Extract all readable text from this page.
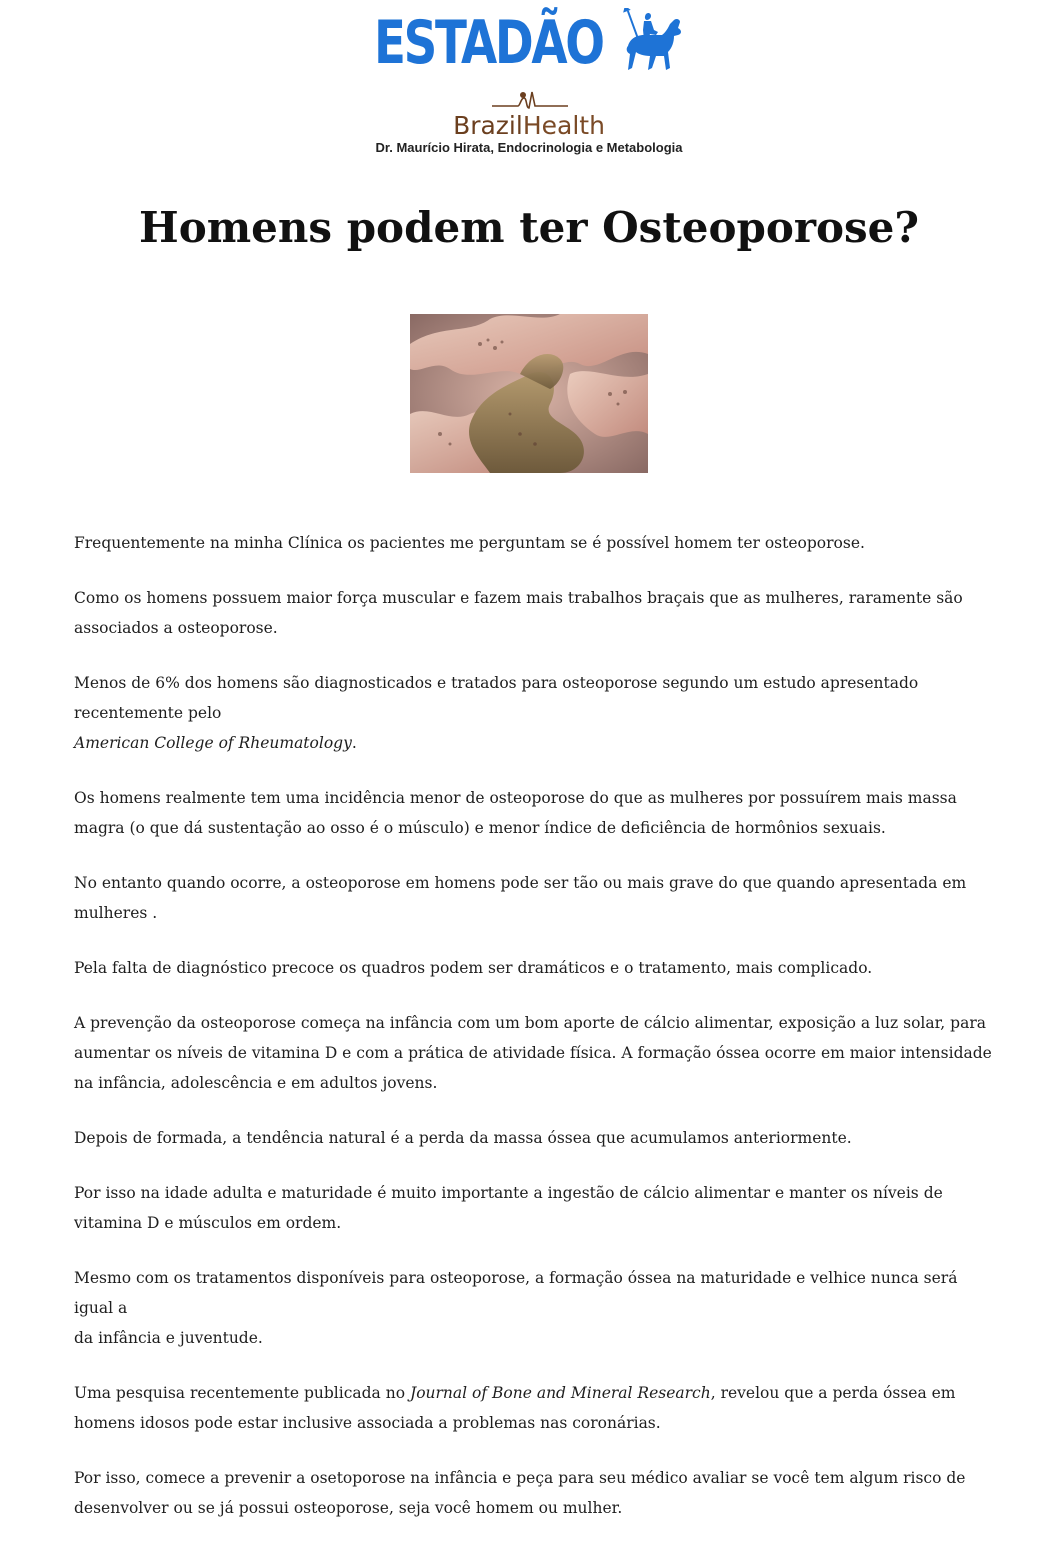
ESTADÃO
BrazilHealth
Dr. Maurício Hirata, Endocrinologia e Metabologia
Homens podem ter Osteoporose?

Frequentemente na minha Clínica os pacientes me perguntam se é possível homem ter osteoporose.

Como os homens possuem maior força muscular e fazem mais trabalhos braçais que as mulheres, raramente são associados a osteoporose.

Menos de 6% dos homens são diagnosticados e tratados para osteoporose segundo um estudo apresentado recentemente pelo
American College of Rheumatology.

Os homens realmente tem uma incidência menor de osteoporose do que as mulheres por possuírem mais massa magra (o que dá sustentação ao osso é o músculo) e menor índice de deficiência de hormônios sexuais.

No entanto quando ocorre, a osteoporose em homens pode ser tão ou mais grave do que quando apresentada em mulheres .

Pela falta de diagnóstico precoce os quadros podem ser dramáticos e o tratamento, mais complicado.

A prevenção da osteoporose começa na infância com um bom aporte de cálcio alimentar, exposição a luz solar, para aumentar os níveis de vitamina D e com a prática de atividade física. A formação óssea ocorre em maior intensidade na infância, adolescência e em adultos jovens.

Depois de formada, a tendência natural é a perda da massa óssea que acumulamos anteriormente.

Por isso na idade adulta e maturidade é muito importante a ingestão de cálcio alimentar e manter os níveis de vitamina D e músculos em ordem.

Mesmo com os tratamentos disponíveis para osteoporose, a formação óssea na maturidade e velhice nunca será igual a
da infância e juventude.

Uma pesquisa recentemente publicada no Journal of Bone and Mineral Research, revelou que a perda óssea em homens idosos pode estar inclusive associada a problemas nas coronárias.

Por isso, comece a prevenir a osetoporose na infância e peça para seu médico avaliar se você tem algum risco de desenvolver ou se já possui osteoporose, seja você homem ou mulher.
